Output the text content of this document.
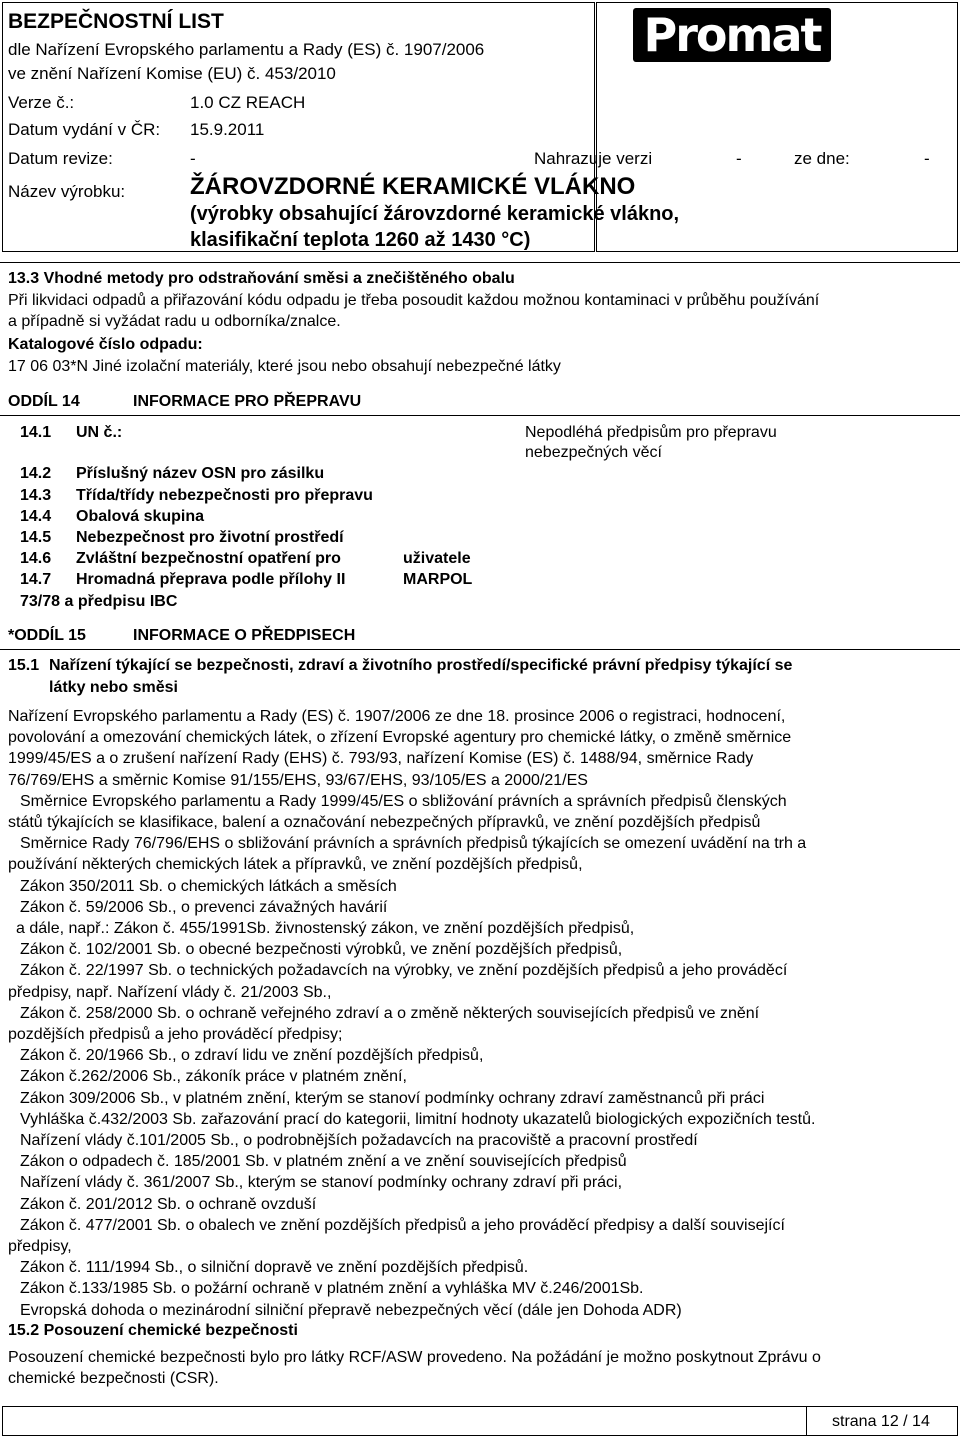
Promat
BEZPEČNOSTNÍ LIST
dle Nařízení Evropského parlamentu a Rady (ES) č. 1907/2006
ve znění Nařízení Komise (EU) č. 453/2010
Verze č.:	1.0 CZ REACH
Datum vydání v ČR: 15.9.2011
Datum revize:	-	Nahrazuje verzi	-	ze dne:	-
Název výrobku:	ŽÁROVZDORNÉ KERAMICKÉ VLÁKNO
(výrobky obsahující žárovzdorné keramické vlákno,
klasifikační teplota 1260 až 1430 °C)
13.3 Vhodné metody pro odstraňování směsi a znečištěného obalu
Při likvidaci odpadů a přiřazování kódu odpadu je třeba posoudit každou možnou kontaminaci v průběhu používání
a případně si vyžádat radu u odborníka/znalce.
Katalogové číslo odpadu:
17 06 03*N Jiné izolační materiály, které jsou nebo obsahují nebezpečné látky
ODDÍL 14	INFORMACE PRO PŘEPRAVU
14.1 UN č.:	Nepodléhá předpisům pro přepravu
nebezpečných věcí
14.2 Příslušný název OSN pro zásilku
14.3 Třída/třídy nebezpečnosti pro přepravu
14.4 Obalová skupina
14.5 Nebezpečnost pro životní prostředí
14.6 Zvláštní bezpečnostní opatření pro	uživatele
14.7 Hromadná přeprava podle přílohy II	MARPOL
73/78 a předpisu IBC
*ODDÍL 15	INFORMACE O PŘEDPISECH
15.1 Nařízení týkající se bezpečnosti, zdraví a životního prostředí/specifické právní předpisy týkající se
látky nebo směsi
Nařízení Evropského parlamentu a Rady (ES) č. 1907/2006 ze dne 18. prosince 2006 o registraci, hodnocení,
povolování a omezování chemických látek, o zřízení Evropské agentury pro chemické látky, o změně směrnice
1999/45/ES a o zrušení nařízení Rady (EHS) č. 793/93, nařízení Komise (ES) č. 1488/94, směrnice Rady
76/769/EHS a směrnic Komise 91/155/EHS, 93/67/EHS, 93/105/ES a 2000/21/ES
Směrnice Evropského parlamentu a Rady 1999/45/ES o sbližování právních a správních předpisů členských
států týkajících se klasifikace, balení a označování nebezpečných přípravků, ve znění pozdějších předpisů
Směrnice Rady 76/796/EHS o sbližování právních a správních předpisů týkajících se omezení uvádění na trh a
používání některých chemických látek a přípravků, ve znění pozdějších předpisů,
Zákon 350/2011 Sb. o chemických látkách a směsích
Zákon č. 59/2006 Sb., o prevenci závažných havárií
a dále, např.: Zákon č. 455/1991Sb. živnostenský zákon, ve znění pozdějších předpisů,
Zákon č. 102/2001 Sb. o obecné bezpečnosti výrobků, ve znění pozdějších předpisů,
Zákon č. 22/1997 Sb. o technických požadavcích na výrobky, ve znění pozdějších předpisů a jeho prováděcí
předpisy, např. Nařízení vlády č. 21/2003 Sb.,
Zákon č. 258/2000 Sb. o ochraně veřejného zdraví a o změně některých souvisejících předpisů ve znění
pozdějších předpisů a jeho prováděcí předpisy;
Zákon č. 20/1966 Sb., o zdraví lidu ve znění pozdějších předpisů,
Zákon č.262/2006 Sb., zákoník práce v platném znění,
Zákon 309/2006 Sb., v platném znění, kterým se stanoví podmínky ochrany zdraví zaměstnanců při práci
Vyhláška č.432/2003 Sb. zařazování prací do kategorii, limitní hodnoty ukazatelů biologických expozičních testů.
Nařízení vlády č.101/2005 Sb., o podrobnějších požadavcích na pracoviště a pracovní prostředí
Zákon o odpadech č. 185/2001 Sb. v platném znění a ve znění souvisejících předpisů
Nařízení vlády č. 361/2007 Sb., kterým se stanoví podmínky ochrany zdraví při práci,
Zákon č. 201/2012 Sb. o ochraně ovzduší
Zákon č. 477/2001 Sb. o obalech ve znění pozdějších předpisů a jeho prováděcí předpisy a další související
předpisy,
Zákon č. 111/1994 Sb., o silniční dopravě ve znění pozdějších předpisů.
Zákon č.133/1985 Sb. o požární ochraně v platném znění a vyhláška MV č.246/2001Sb.
Evropská dohoda o mezinárodní silniční přepravě nebezpečných věcí (dále jen Dohoda ADR)
15.2 Posouzení chemické bezpečnosti
Posouzení chemické bezpečnosti bylo pro látky RCF/ASW provedeno. Na požádání je možno poskytnout Zprávu o
chemické bezpečnosti (CSR).
strana 12 / 14
